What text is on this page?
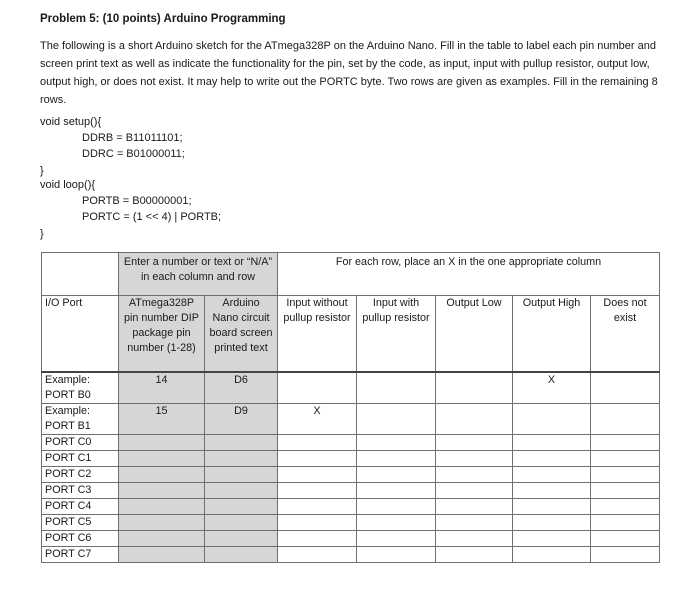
Problem 5: (10 points) Arduino Programming
The following is a short Arduino sketch for the ATmega328P on the Arduino Nano. Fill in the table to label each pin number and screen print text as well as indicate the functionality for the pin, set by the code, as input, input with pullup resistor, output low, output high, or does not exist. It may help to write out the PORTC byte. Two rows are given as examples. Fill in the remaining 8 rows.
void setup(){
DDRB = B11011101;
DDRC = B01000011;
}
void loop(){
PORTB = B00000001;
PORTC = (1 << 4) | PORTB;
}
	Enter a number or text or “N/A” in each column and row		For each row, place an X in the one appropriate column				
I/O Port	ATmega328P pin number DIP package pin number (1-28)	Arduino Nano circuit board screen printed text	Input without pullup resistor	Input with pullup resistor	Output Low	Output High	Does not exist

Example:
PORT B0	14	D6				X	

Example:
PORT B1	15	D9	X				
PORT C0							
PORT C1							
PORT C2							
PORT C3							
PORT C4							
PORT C5							
PORT C6							
PORT C7							
